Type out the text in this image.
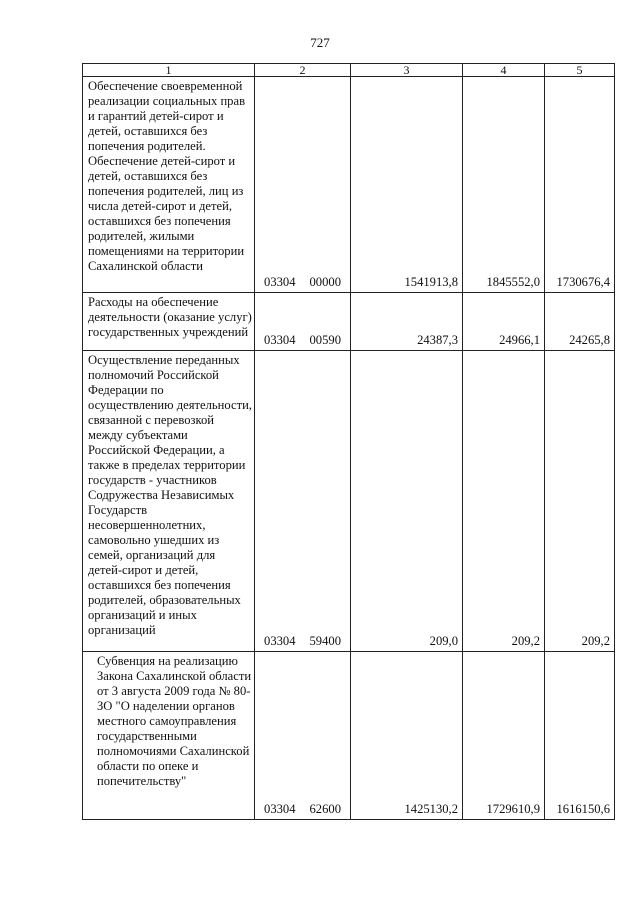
727
1	2	3	4	5
Обеспечение своевременной реализации социальных прав и гарантий детей-сирот и детей, оставшихся без попечения родителей. Обеспечение детей-сирот и детей, оставшихся без попечения родителей, лиц из числа детей-сирот и детей, оставшихся без попечения родителей, жилыми помещениями на территории Сахалинской области	03304 00000	1541913,8	1845552,0	1730676,4
Расходы на обеспечение деятельности (оказание услуг) государственных учреждений	03304 00590	24387,3	24966,1	24265,8
Осуществление переданных полномочий Российской Федерации по осуществлению деятельности, связанной с перевозкой между субъектами Российской Федерации, а также в пределах территории государств - участников Содружества Независимых Государств несовершеннолетних, самовольно ушедших из семей, организаций для детей-сирот и детей, оставшихся без попечения родителей, образовательных организаций и иных организаций	03304 59400	209,0	209,2	209,2
Субвенция на реализацию Закона Сахалинской области от 3 августа 2009 года № 80-ЗО "О наделении органов местного самоуправления государственными полномочиями Сахалинской области по опеке и попечительству"	03304 62600	1425130,2	1729610,9	1616150,6
